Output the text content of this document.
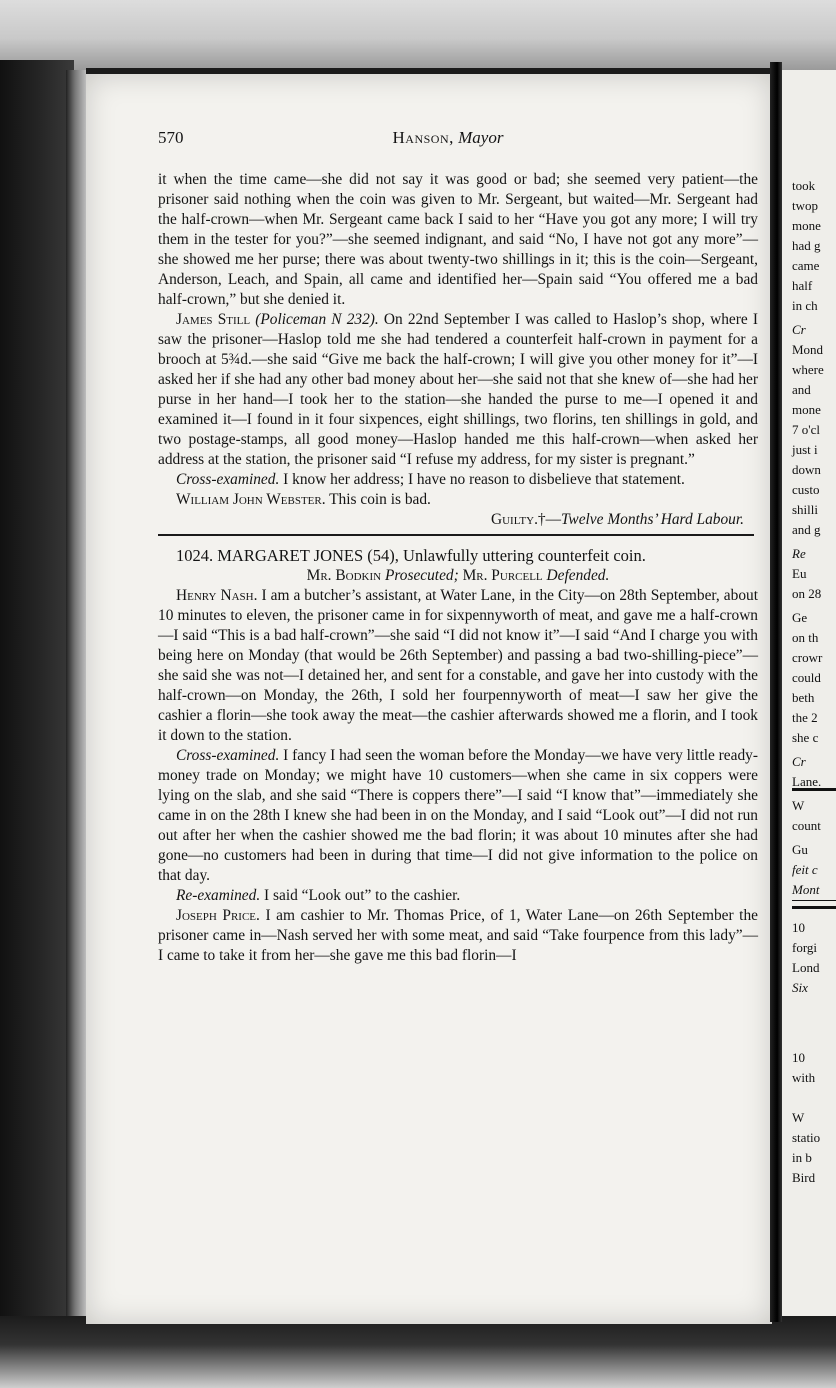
570	Hanson, Mayor

it when the time came—she did not say it was good or bad; she seemed very patient—the prisoner said nothing when the coin was given to Mr. Sergeant, but waited—Mr. Sergeant had the half-crown—when Mr. Sergeant came back I said to her “Have you got any more; I will try them in the tester for you?”—she seemed indignant, and said “No, I have not got any more”—she showed me her purse; there was about twenty-two shillings in it; this is the coin—Sergeant, Anderson, Leach, and Spain, all came and identified her—Spain said “You offered me a bad half-crown,” but she denied it.

James Still (Policeman N 232). On 22nd September I was called to Haslop’s shop, where I saw the prisoner—Haslop told me she had tendered a counterfeit half-crown in payment for a brooch at 5¾d.—she said “Give me back the half-crown; I will give you other money for it”—I asked her if she had any other bad money about her—she said not that she knew of—she had her purse in her hand—I took her to the station—she handed the purse to me—I opened it and examined it—I found in it four sixpences, eight shillings, two florins, ten shillings in gold, and two postage-stamps, all good money—Haslop handed me this half-crown—when asked her address at the station, the prisoner said “I refuse my address, for my sister is pregnant.”

Cross-examined. I know her address; I have no reason to disbelieve that statement.

William John Webster. This coin is bad.

Guilty.†—Twelve Months’ Hard Labour.

1024. MARGARET JONES (54), Unlawfully uttering counterfeit coin.

Mr. Bodkin Prosecuted; Mr. Purcell Defended.

Henry Nash. I am a butcher’s assistant, at Water Lane, in the City—on 28th September, about 10 minutes to eleven, the prisoner came in for sixpennyworth of meat, and gave me a half-crown—I said “This is a bad half-crown”—she said “I did not know it”—I said “And I charge you with being here on Monday (that would be 26th September) and passing a bad two-shilling-piece”—she said she was not—I detained her, and sent for a constable, and gave her into custody with the half-crown—on Monday, the 26th, I sold her fourpennyworth of meat—I saw her give the cashier a florin—she took away the meat—the cashier afterwards showed me a florin, and I took it down to the station.

Cross-examined. I fancy I had seen the woman before the Monday—we have very little ready-money trade on Monday; we might have 10 customers—when she came in six coppers were lying on the slab, and she said “There is coppers there”—I said “I know that”—immediately she came in on the 28th I knew she had been in on the Monday, and I said “Look out”—I did not run out after her when the cashier showed me the bad florin; it was about 10 minutes after she had gone—no customers had been in during that time—I did not give information to the police on that day.

Re-examined. I said “Look out” to the cashier.

Joseph Price. I am cashier to Mr. Thomas Price, of 1, Water Lane—on 26th September the prisoner came in—Nash served her with some meat, and said “Take fourpence from this lady”—I came to take it from her—she gave me this bad florin—I

took
twop
mone
had g
came
half
in ch
Cr
Mond
where
and
mone
7 o'cl
just i
down
custo
shilli
and g
Re
Eu
on 28
Ge
on th
crowr
could
beth
the 2
she c
Cr
Lane.
W
count
Gu
feit c
Mont
10
forgi
Lond
Six
10
with
W
statio
in b
Bird
